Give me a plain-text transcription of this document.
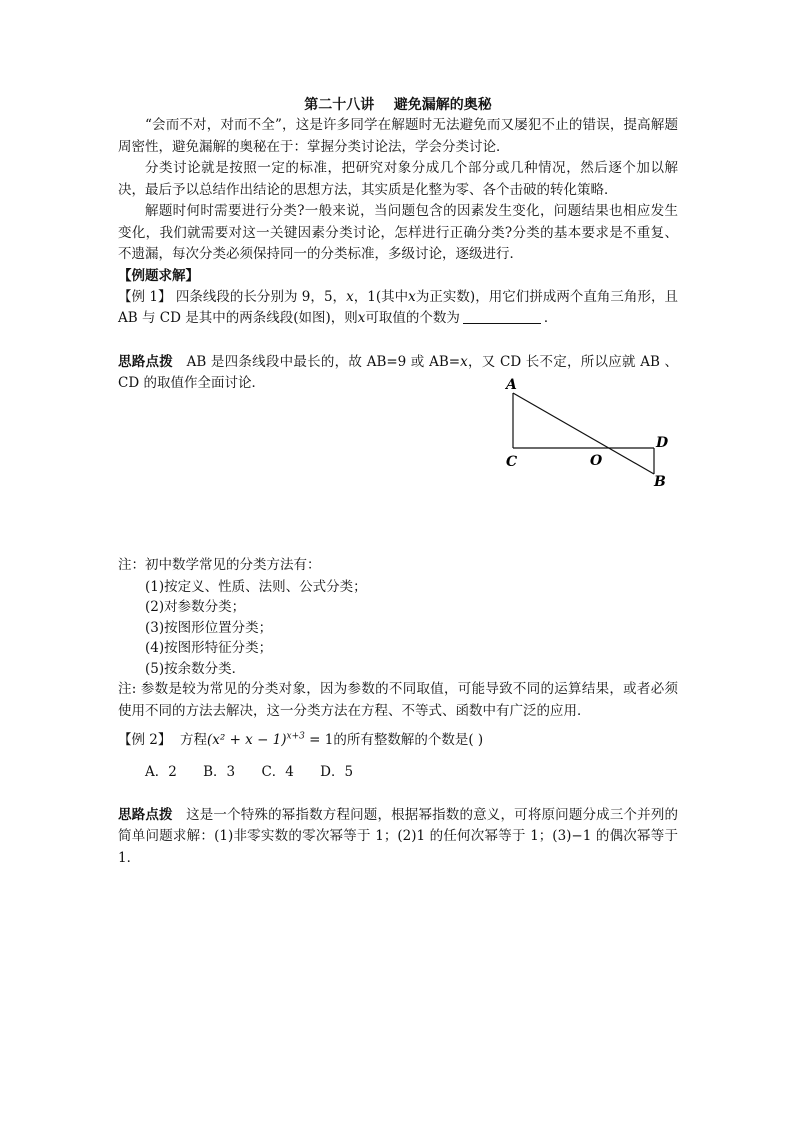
第二十八讲    避免漏解的奥秘

“会而不对，对而不全”，这是许多同学在解题时无法避免而又屡犯不止的错误，提高解题周密性，避免漏解的奥秘在于：掌握分类讨论法，学会分类讨论．

分类讨论就是按照一定的标准，把研究对象分成几个部分或几种情况，然后逐个加以解决，最后予以总结作出结论的思想方法，其实质是化整为零、各个击破的转化策略．

解题时何时需要进行分类?一般来说，当问题包含的因素发生变化，问题结果也相应发生变化，我们就需要对这一关键因素分类讨论，怎样进行正确分类?分类的基本要求是不重复、不遗漏，每次分类必须保持同一的分类标准，多级讨论，逐级进行．

【例题求解】

【例 1】 四条线段的长分别为 9，5，x，1(其中x为正实数)，用它们拼成两个直角三角形，且 AB 与 CD 是其中的两条线段(如图)，则x可取值的个数为	．

思路点拨 AB 是四条线段中最长的，故 AB=9 或 AB=x，又 CD 长不定，所以应就 AB 、CD 的取值作全面讨论．	A
C	O
D
B

注：初中数学常见的分类方法有：

(1)按定义、性质、法则、公式分类；

(2)对参数分类；

(3)按图形位置分类；

(4)按图形特征分类；

(5)按余数分类．

注: 参数是较为常见的分类对象，因为参数的不同取值，可能导致不同的运算结果，或者必须使用不同的方法去解决，这一分类方法在方程、不等式、函数中有广泛的应用．

【例 2】 方程$(x^2 + x - 1)^{x+3} = 1$的所有整数解的个数是( )

A．2 B．3 C．4 D．5

思路点拨 这是一个特殊的幂指数方程问题，根据幂指数的意义，可将原问题分成三个并列的简单问题求解：(1)非零实数的零次幂等于 1；(2)1 的任何次幂等于 1；(3)−1 的偶次幂等于 1．
